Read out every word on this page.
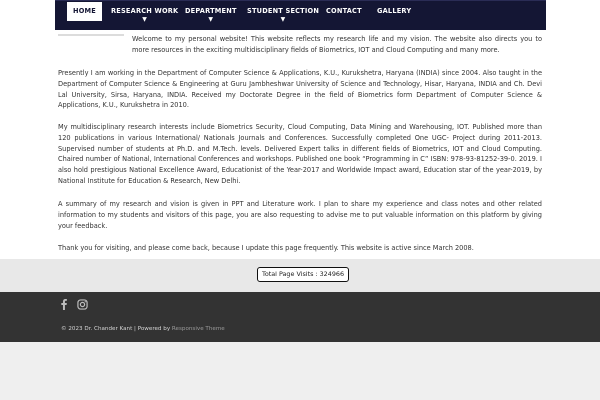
HOME	RESEARCH WORK
▼
DEPARTMENT
▼
STUDENT SECTION
▼
CONTACT GALLERY

Welcome to my personal website! This website reflects my research life and my vision. The website also directs you to more resources in the exciting multidisciplinary fields of Biometrics, IOT and Cloud Computing and many more.

Presently I am working in the Department of Computer Science & Applications, K.U., Kurukshetra, Haryana (INDIA) since 2004. Also taught in the Department of Computer Science & Engineering at Guru Jambheshwar University of Science and Technology, Hisar, Haryana, INDIA and Ch. Devi Lal University, Sirsa, Haryana, INDIA. Received my Doctorate Degree in the field of Biometrics form Department of Computer Science & Applications, K.U., Kurukshetra in 2010.

My multidisciplinary research interests include Biometrics Security, Cloud Computing, Data Mining and Warehousing, IOT. Published more than 120 publications in various International/ Nationals Journals and Conferences. Successfully completed One UGC- Project during 2011-2013. Supervised number of students at Ph.D. and M.Tech. levels. Delivered Expert talks in different fields of Biometrics, IOT and Cloud Computing. Chaired number of National, International Conferences and workshops. Published one book “Programming in C” ISBN: 978-93-81252-39-0. 2019. I also hold prestigious National Excellence Award, Educationist of the Year-2017 and Worldwide Impact award, Education star of the year-2019, by National Institute for Education & Research, New Delhi.

A summary of my research and vision is given in PPT and Literature work. I plan to share my experience and class notes and other related information to my students and visitors of this page, you are also requesting to advise me to put valuable information on this platform by giving your feedback.

Thank you for visiting, and please come back, because I update this page frequently. This website is active since March 2008.

Total Page Visits : 324966
© 2023 Dr. Chander Kant | Powered by Responsive Theme
